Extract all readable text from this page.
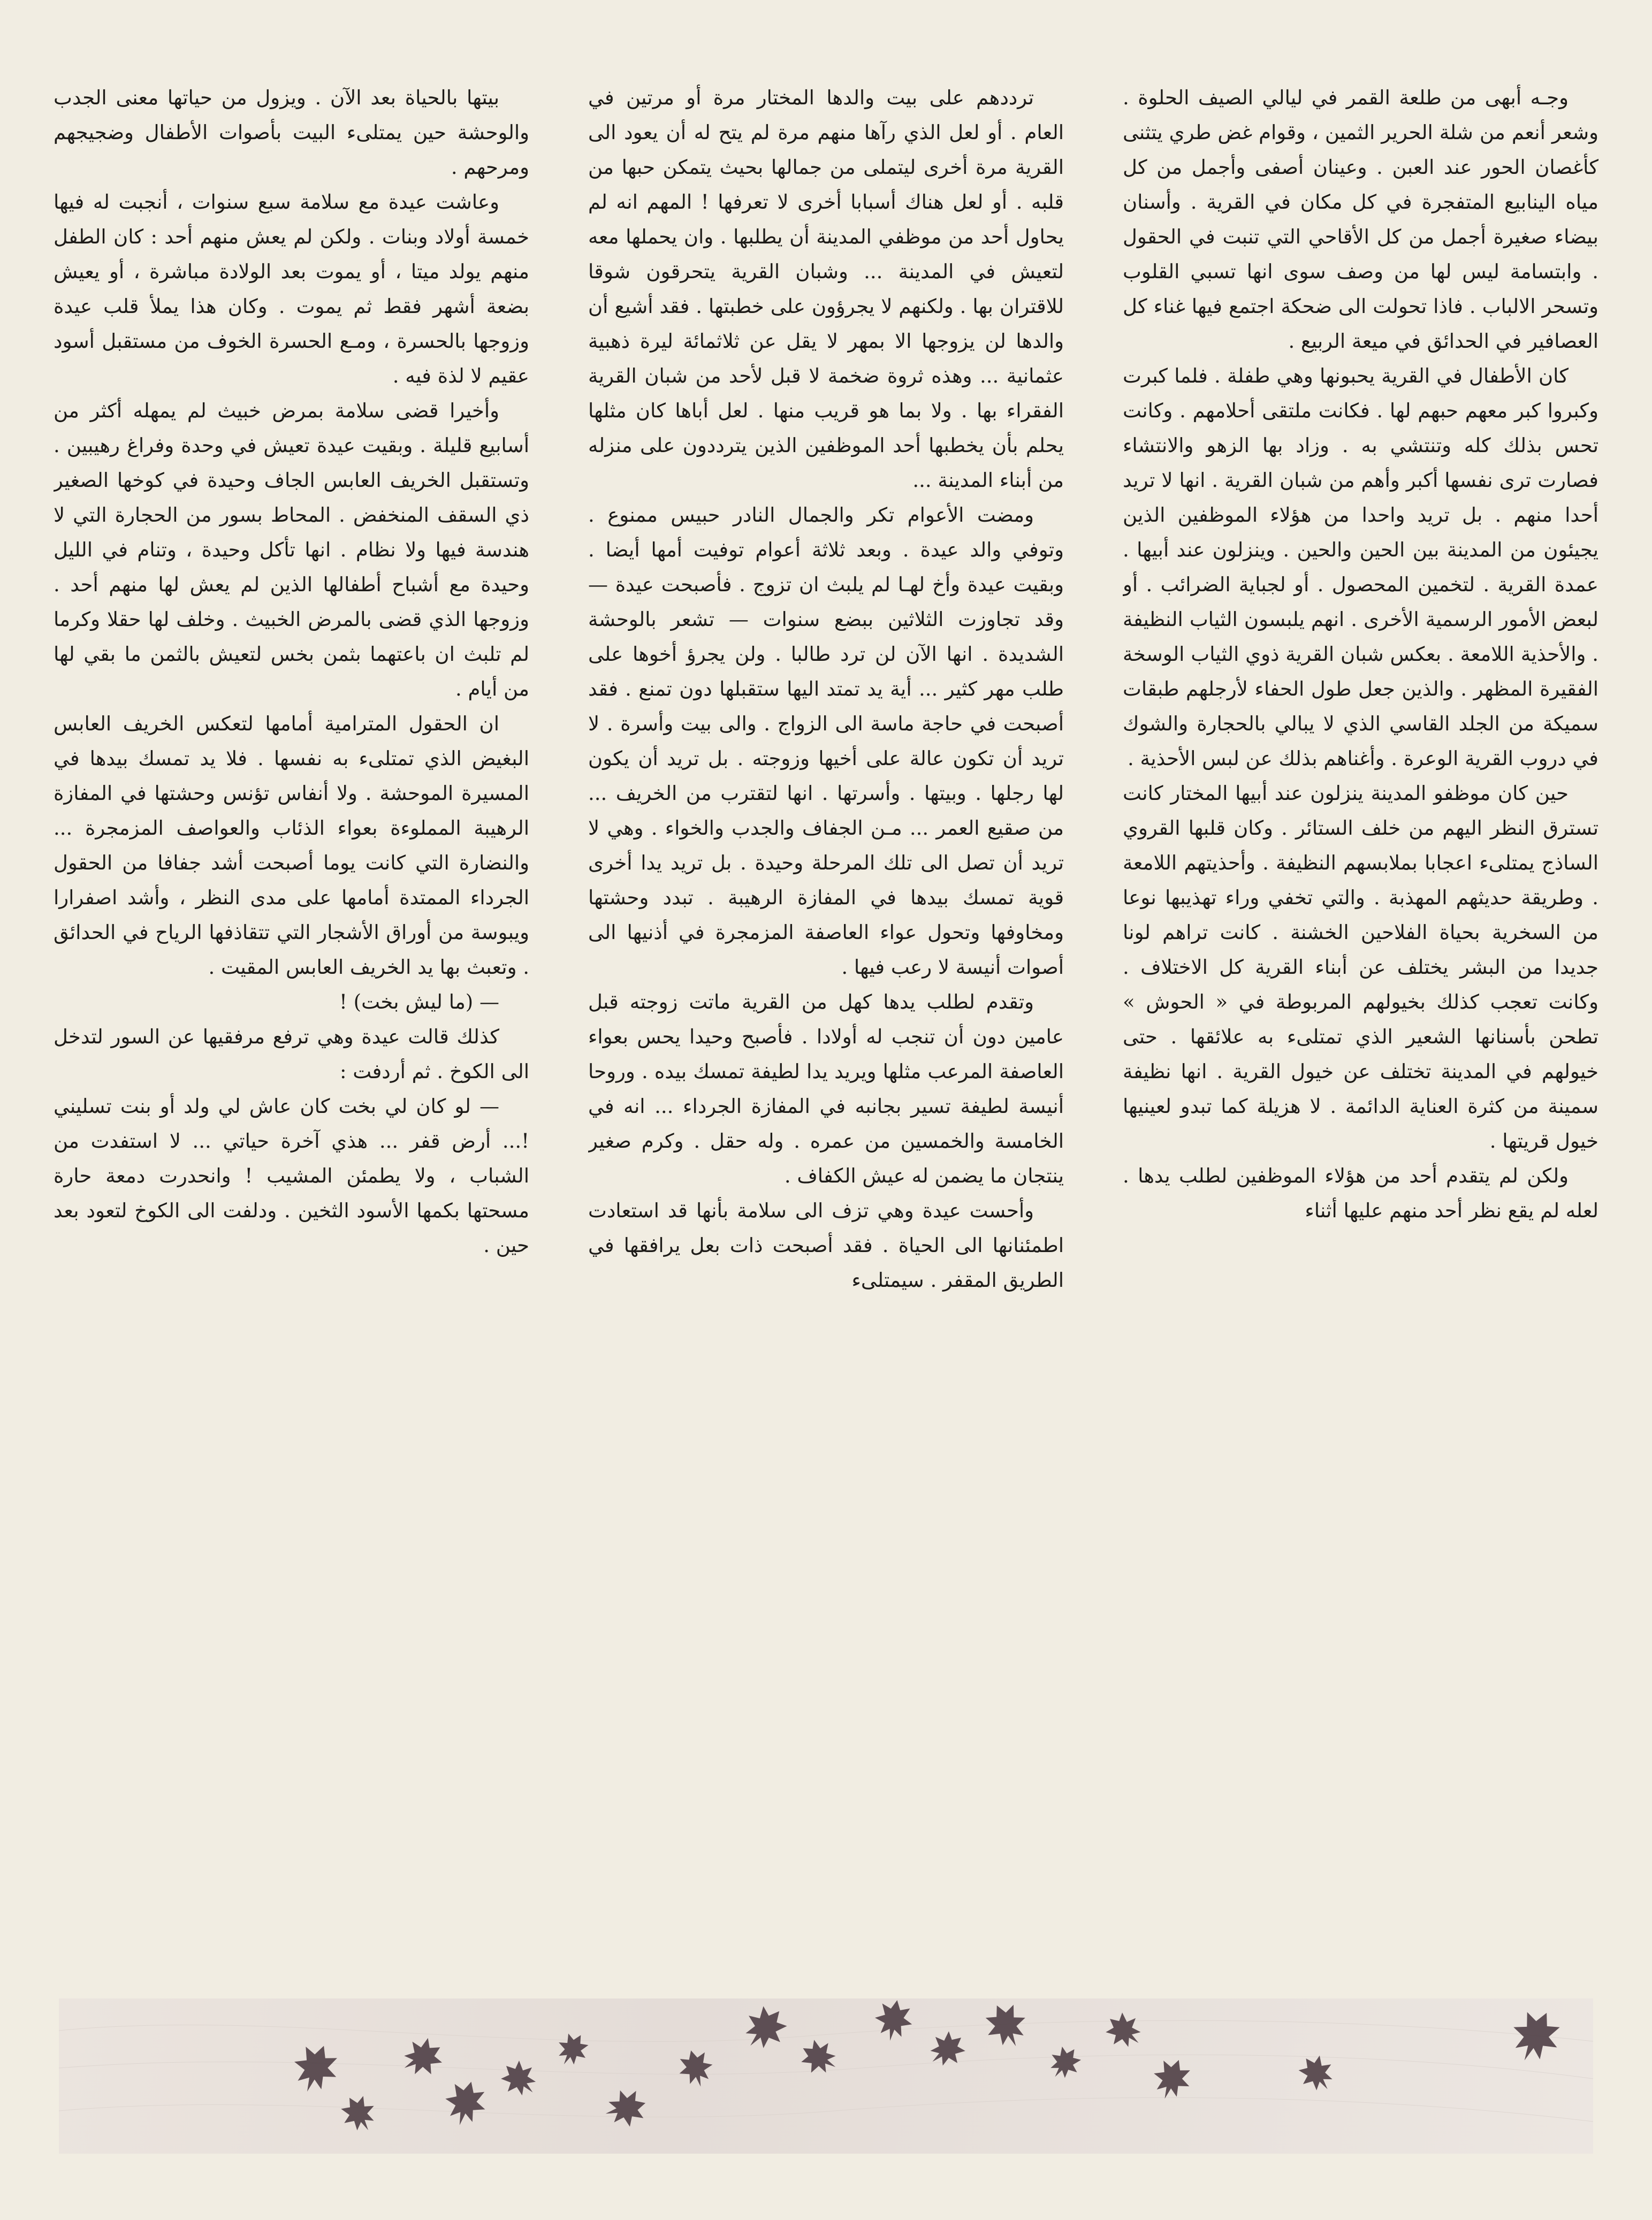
وجـه أبهى من طلعة القمر في ليالي الصيف الحلوة . وشعر أنعم من شلة الحرير الثمين ، وقوام غض طري يتثنى كأغصان الحور عند العبن . وعينان أصفى وأجمل من كل مياه الينابيع المتفجرة في كل مكان في القرية . وأسنان بيضاء صغيرة أجمل من كل الأقاحي التي تنبت في الحقول . وابتسامة ليس لها من وصف سوى انها تسبي القلوب وتسحر الالباب . فاذا تحولت الى ضحكة اجتمع فيها غناء كل العصافير في الحدائق في ميعة الربيع .

كان الأطفال في القرية يحبونها وهي طفلة . فلما كبرت وكبروا كبر معهم حبهم لها . فكانت ملتقى أحلامهم . وكانت تحس بذلك كله وتنتشي به . وزاد بها الزهو والانتشاء فصارت ترى نفسها أكبر وأهم من شبان القرية . انها لا تريد أحدا منهم . بل تريد واحدا من هؤلاء الموظفين الذين يجيئون من المدينة بين الحين والحين . وينزلون عند أبيها . عمدة القرية . لتخمين المحصول . أو لجباية الضرائب . أو لبعض الأمور الرسمية الأخرى . انهم يلبسون الثياب النظيفة . والأحذية اللامعة . بعكس شبان القرية ذوي الثياب الوسخة الفقيرة المظهر . والذين جعل طول الحفاء لأرجلهم طبقات سميكة من الجلد القاسي الذي لا يبالي بالحجارة والشوك في دروب القرية الوعرة . وأغناهم بذلك عن لبس الأحذية .

حين كان موظفو المدينة ينزلون عند أبيها المختار كانت تسترق النظر اليهم من خلف الستائر . وكان قلبها القروي الساذج يمتلىء اعجابا بملابسهم النظيفة . وأحذيتهم اللامعة . وطريقة حديثهم المهذبة . والتي تخفي وراء تهذيبها نوعا من السخرية بحياة الفلاحين الخشنة . كانت تراهم لونا جديدا من البشر يختلف عن أبناء القرية كل الاختلاف . وكانت تعجب كذلك بخيولهم المربوطة في « الحوش » تطحن بأسنانها الشعير الذي تمتلىء به علائقها . حتى خيولهم في المدينة تختلف عن خيول القرية . انها نظيفة سمينة من كثرة العناية الدائمة . لا هزيلة كما تبدو لعينيها خيول قريتها .

ولكن لم يتقدم أحد من هؤلاء الموظفين لطلب يدها . لعله لم يقع نظر أحد منهم عليها أثناء

ترددهم على بيت والدها المختار مرة أو مرتين في العام . أو لعل الذي رآها منهم مرة لم يتح له أن يعود الى القرية مرة أخرى ليتملى من جمالها بحيث يتمكن حبها من قلبه . أو لعل هناك أسبابا أخرى لا تعرفها ! المهم انه لم يحاول أحد من موظفي المدينة أن يطلبها . وان يحملها معه لتعيش في المدينة ... وشبان القرية يتحرقون شوقا للاقتران بها . ولكنهم لا يجرؤون على خطبتها . فقد أشيع أن والدها لن يزوجها الا بمهر لا يقل عن ثلاثمائة ليرة ذهبية عثمانية ... وهذه ثروة ضخمة لا قبل لأحد من شبان القرية الفقراء بها . ولا بما هو قريب منها . لعل أباها كان مثلها يحلم بأن يخطبها أحد الموظفين الذين يترددون على منزله من أبناء المدينة ...

ومضت الأعوام تكر والجمال النادر حبيس ممنوع . وتوفي والد عيدة . وبعد ثلاثة أعوام توفيت أمها أيضا . وبقيت عيدة وأخ لهـا لم يلبث ان تزوج . فأصبحت عيدة — وقد تجاوزت الثلاثين ببضع سنوات — تشعر بالوحشة الشديدة . انها الآن لن ترد طالبا . ولن يجرؤ أخوها على طلب مهر كثير ... أية يد تمتد اليها ستقبلها دون تمنع . فقد أصبحت في حاجة ماسة الى الزواج . والى بيت وأسرة . لا تريد أن تكون عالة على أخيها وزوجته . بل تريد أن يكون لها رجلها . وبيتها . وأسرتها . انها لتقترب من الخريف ... من صقيع العمر ... مـن الجفاف والجدب والخواء . وهي لا تريد أن تصل الى تلك المرحلة وحيدة . بل تريد يدا أخرى قوية تمسك بيدها في المفازة الرهيبة . تبدد وحشتها ومخاوفها وتحول عواء العاصفة المزمجرة في أذنيها الى أصوات أنيسة لا رعب فيها .

وتقدم لطلب يدها كهل من القرية ماتت زوجته قبل عامين دون أن تنجب له أولادا . فأصبح وحيدا يحس بعواء العاصفة المرعب مثلها ويريد يدا لطيفة تمسك بيده . وروحا أنيسة لطيفة تسير بجانبه في المفازة الجرداء ... انه في الخامسة والخمسين من عمره . وله حقل . وكرم صغير ينتجان ما يضمن له عيش الكفاف .

وأحست عيدة وهي تزف الى سلامة بأنها قد استعادت اطمئنانها الى الحياة . فقد أصبحت ذات بعل يرافقها في الطريق المقفر . سيمتلىء

بيتها بالحياة بعد الآن . ويزول من حياتها معنى الجدب والوحشة حين يمتلىء البيت بأصوات الأطفال وضجيجهم ومرحهم .

وعاشت عيدة مع سلامة سبع سنوات ، أنجبت له فيها خمسة أولاد وبنات . ولكن لم يعش منهم أحد : كان الطفل منهم يولد ميتا ، أو يموت بعد الولادة مباشرة ، أو يعيش بضعة أشهر فقط ثم يموت . وكان هذا يملأ قلب عيدة وزوجها بالحسرة ، ومـع الحسرة الخوف من مستقبل أسود عقيم لا لذة فيه .

وأخيرا قضى سلامة بمرض خبيث لم يمهله أكثر من أسابيع قليلة . وبقيت عيدة تعيش في وحدة وفراغ رهيبين . وتستقبل الخريف العابس الجاف وحيدة في كوخها الصغير ذي السقف المنخفض . المحاط بسور من الحجارة التي لا هندسة فيها ولا نظام . انها تأكل وحيدة ، وتنام في الليل وحيدة مع أشباح أطفالها الذين لم يعش لها منهم أحد . وزوجها الذي قضى بالمرض الخبيث . وخلف لها حقلا وكرما لم تلبث ان باعتهما بثمن بخس لتعيش بالثمن ما بقي لها من أيام .

ان الحقول المترامية أمامها لتعكس الخريف العابس البغيض الذي تمتلىء به نفسها . فلا يد تمسك بيدها في المسيرة الموحشة . ولا أنفاس تؤنس وحشتها في المفازة الرهيبة المملوءة بعواء الذئاب والعواصف المزمجرة ... والنضارة التي كانت يوما أصبحت أشد جفافا من الحقول الجرداء الممتدة أمامها على مدى النظر ، وأشد اصفرارا ويبوسة من أوراق الأشجار التي تتقاذفها الرياح في الحدائق . وتعبث بها يد الخريف العابس المقيت .

— (ما ليش بخت) !

كذلك قالت عيدة وهي ترفع مرفقيها عن السور لتدخل الى الكوخ . ثم أردفت :

— لو كان لي بخت كان عاش لي ولد أو بنت تسليني !... أرض قفر ... هذي آخرة حياتي ... لا استفدت من الشباب ، ولا يطمئن المشيب ! وانحدرت دمعة حارة مسحتها بكمها الأسود الثخين . ودلفت الى الكوخ لتعود بعد حين .
